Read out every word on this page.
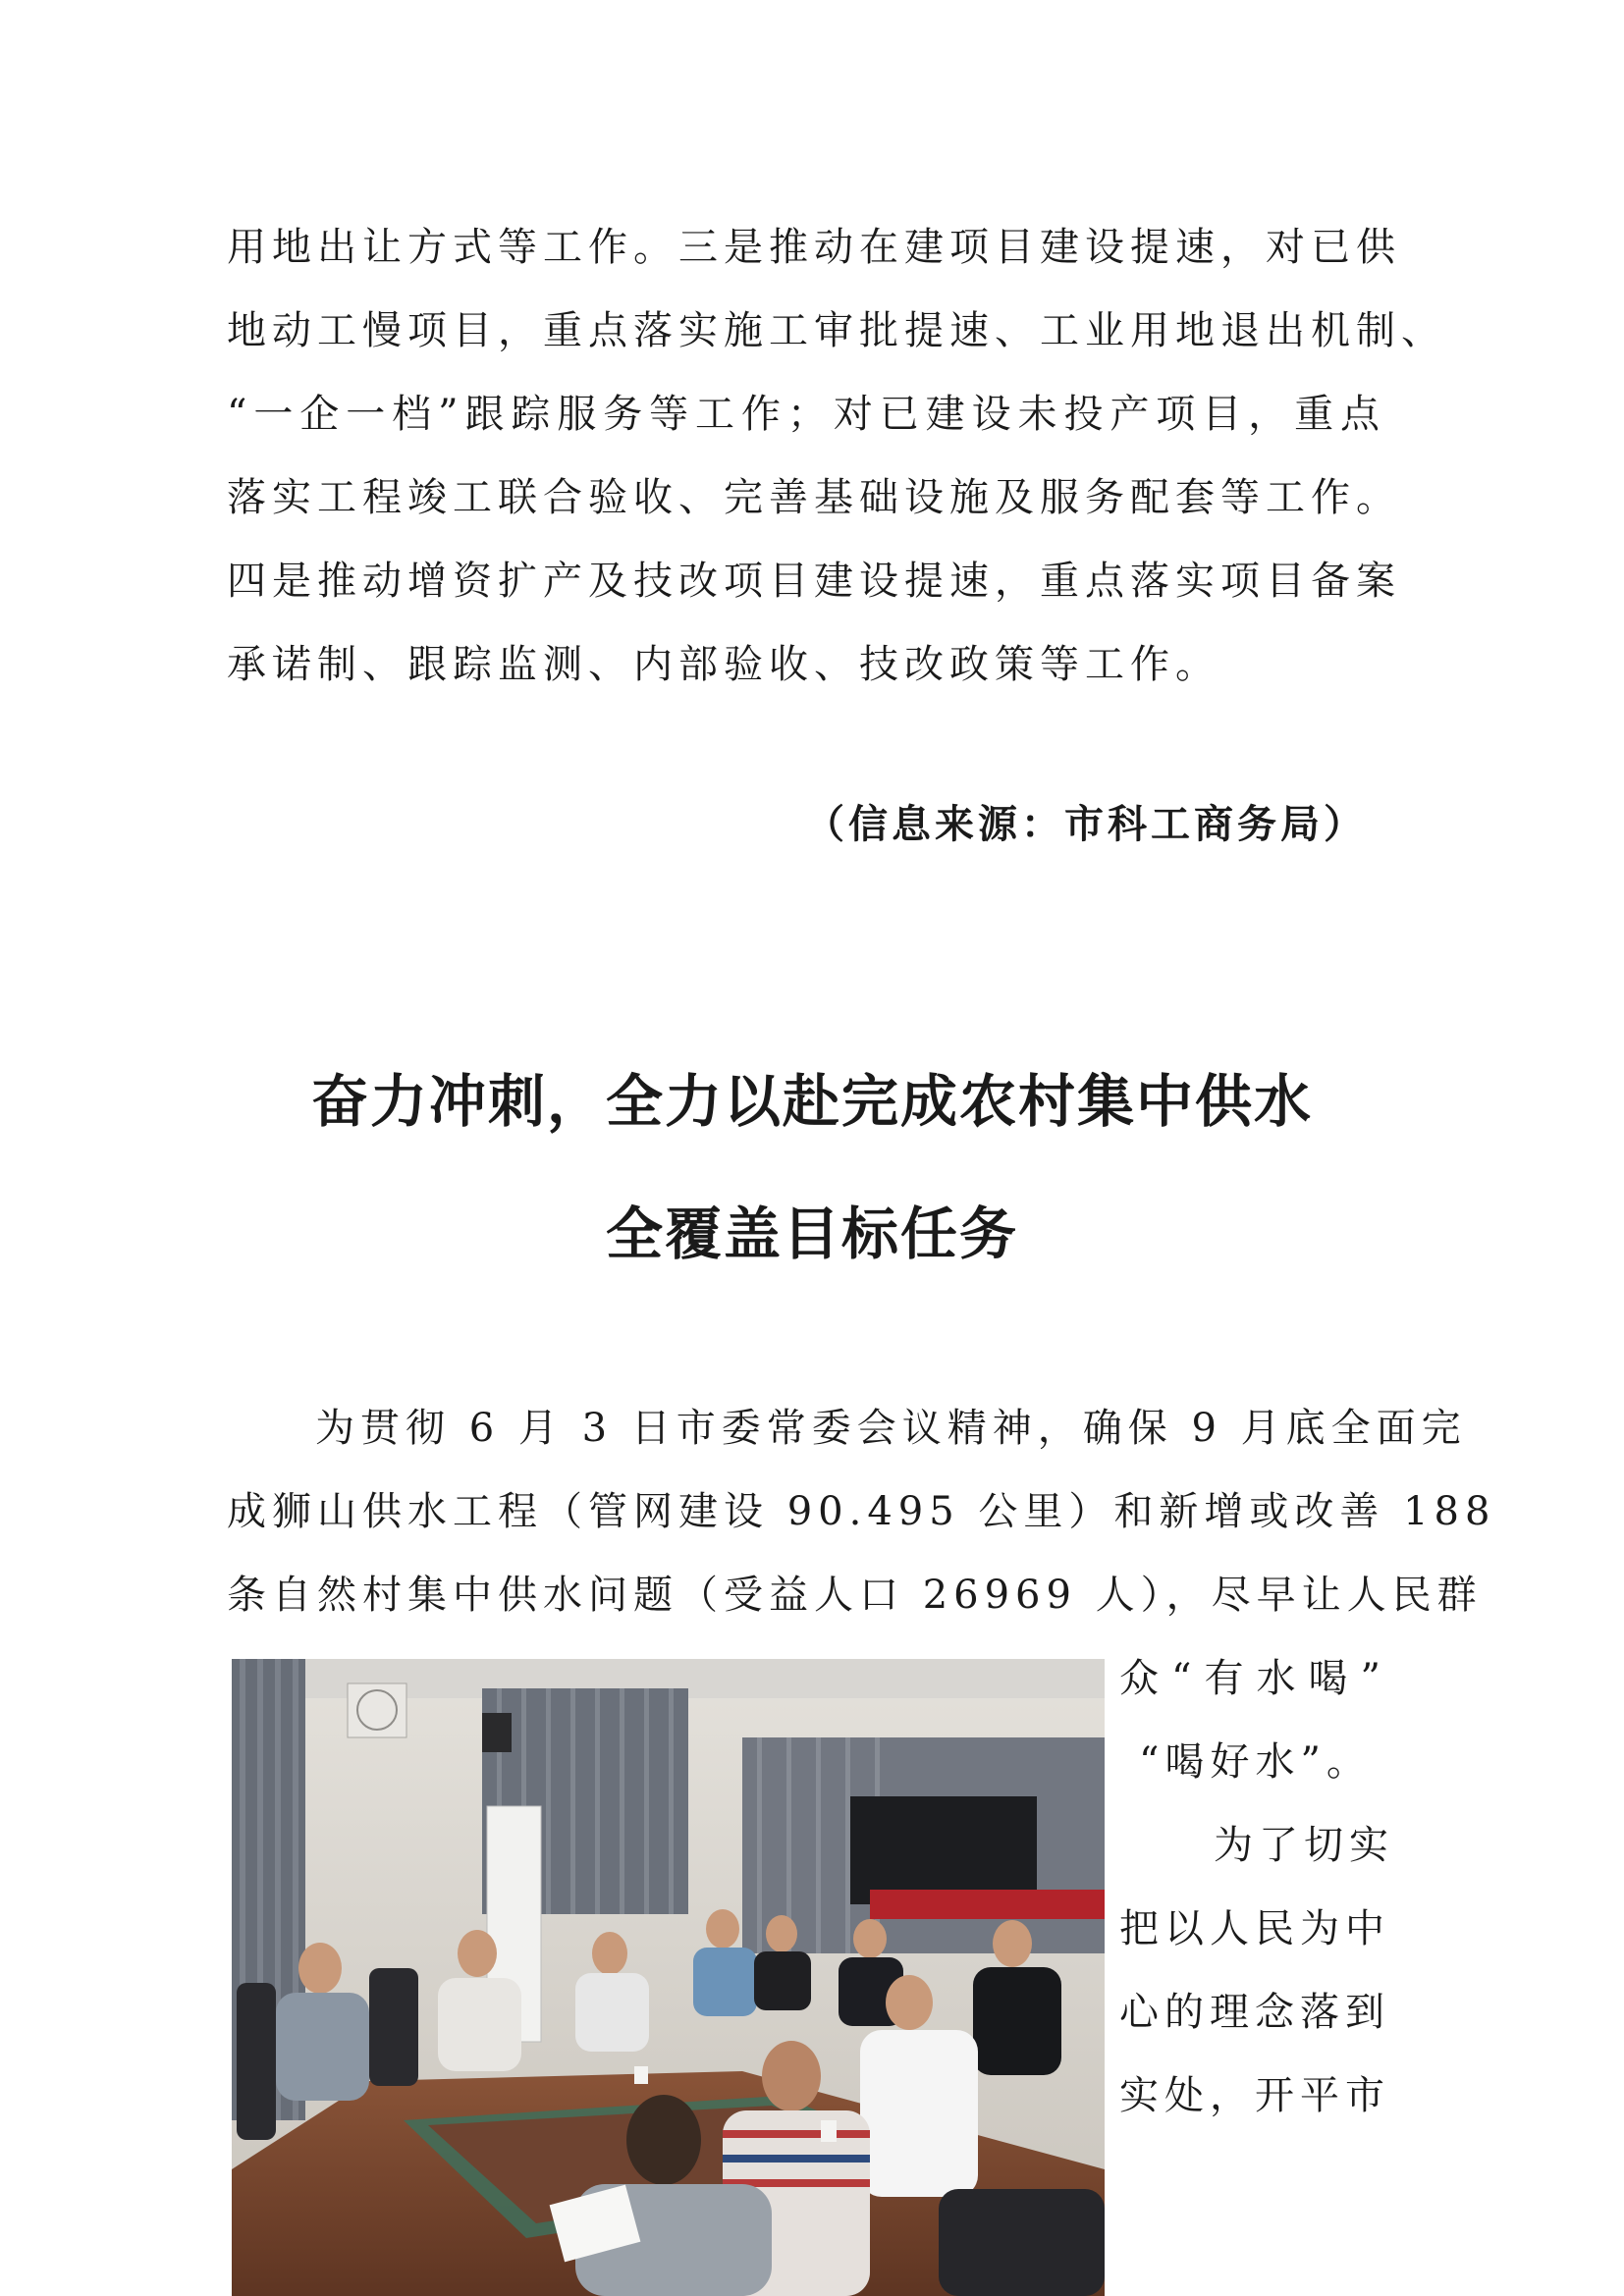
用地出让方式等工作。三是推动在建项目建设提速，对已供
地动工慢项目，重点落实施工审批提速、工业用地退出机制、
“一企一档”跟踪服务等工作；对已建设未投产项目，重点
落实工程竣工联合验收、完善基础设施及服务配套等工作。
四是推动增资扩产及技改项目建设提速，重点落实项目备案
承诺制、跟踪监测、内部验收、技改政策等工作。
（信息来源：市科工商务局）
奋力冲刺，全力以赴完成农村集中供水
全覆盖目标任务
为贯彻 6 月 3 日市委常委会议精神，确保 9 月底全面完
成狮山供水工程（管网建设 90.495 公里）和新增或改善 188
条自然村集中供水问题（受益人口 26969 人），尽早让人民群
众“有水喝”
“喝好水”。
为了切实
把以人民为中
心的理念落到
实处，开平市
